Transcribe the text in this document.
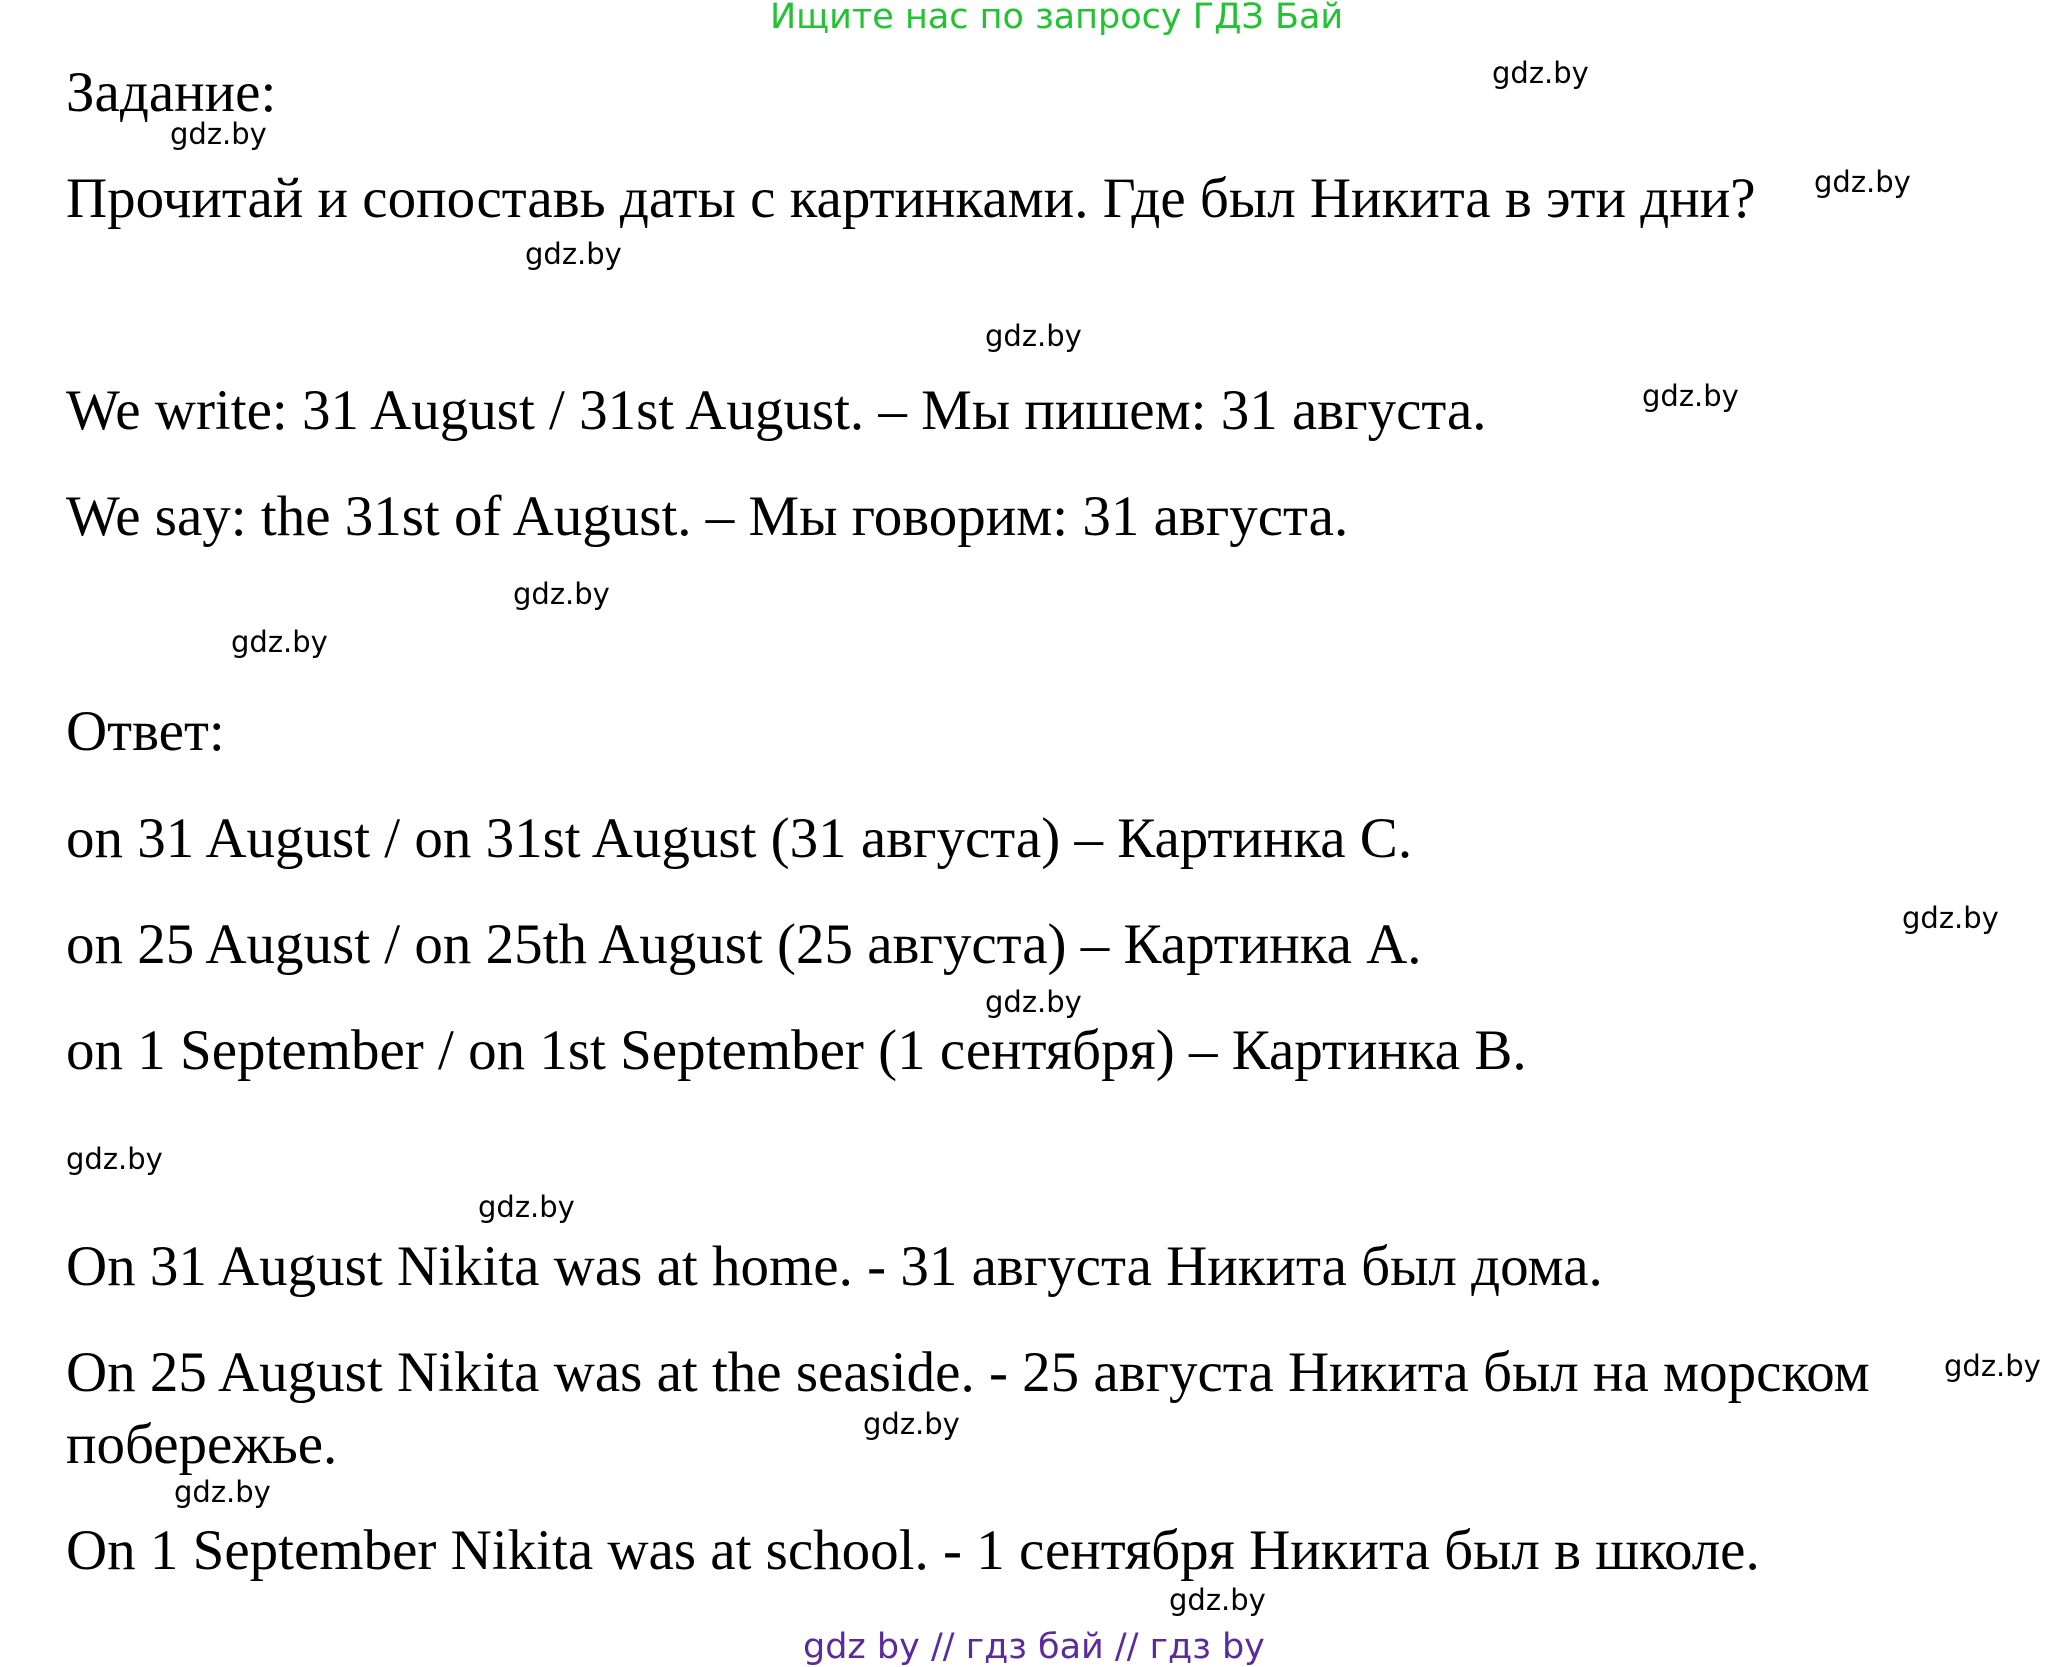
Ищите нас по запросу ГДЗ Бай
Задание:
Прочитай и сопоставь даты с картинками. Где был Никита в эти дни?
We write: 31 August / 31st August. – Мы пишем: 31 августа.
We say: the 31st of August. – Мы говорим: 31 августа.
Ответ:
on 31 August / on 31st August (31 августа) – Картинка С.
on 25 August / on 25th August (25 августа) – Картинка А.
on 1 September / on 1st September (1 сентября) – Картинка В.
On 31 August Nikita was at home. - 31 августа Никита был дома.
On 25 August Nikita was at the seaside. - 25 августа Никита был на морском
побережье.
On 1 September Nikita was at school. - 1 сентября Никита был в школе.
gdz.by
gdz.by
gdz.by
gdz.by
gdz.by
gdz.by
gdz.by
gdz.by
gdz.by
gdz.by
gdz.by
gdz.by
gdz.by
gdz.by
gdz.by
gdz.by
gdz by // гдз бай // гдз by
